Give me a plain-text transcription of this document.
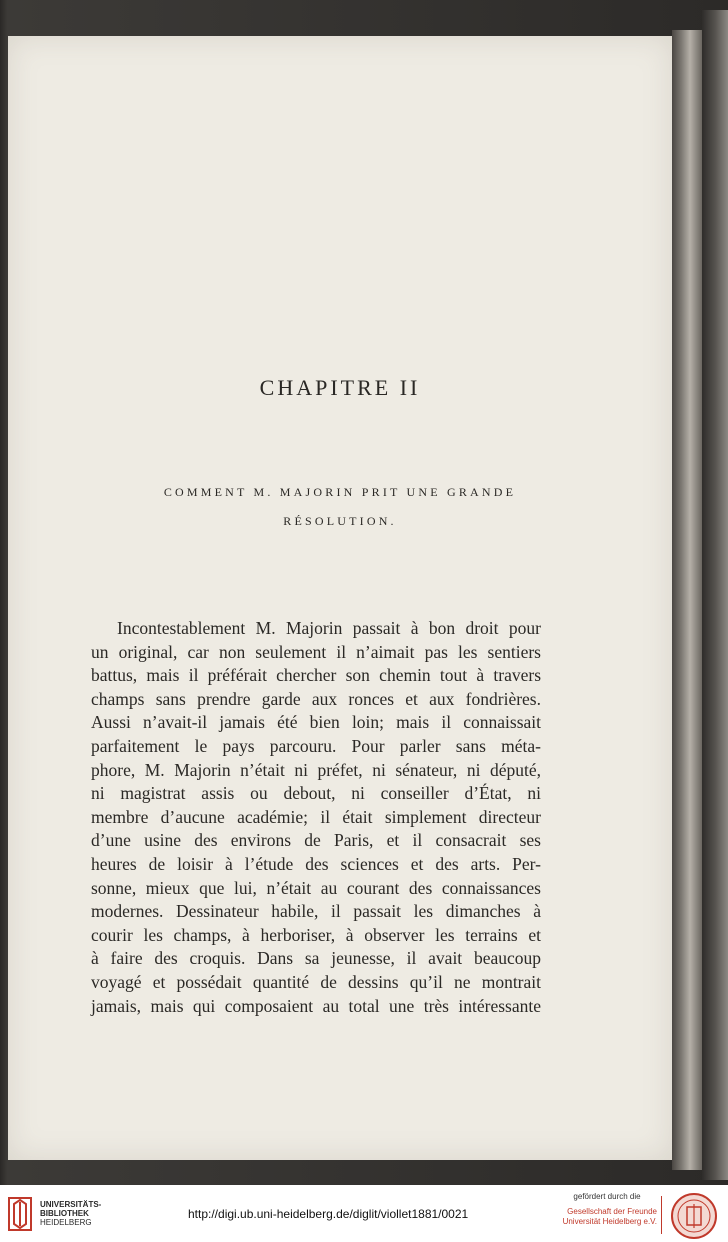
CHAPITRE II
COMMENT M. MAJORIN PRIT UNE GRANDE
RÉSOLUTION.
Incontestablement M. Majorin passait à bon droit pour
un original, car non seulement il n’aimait pas les sentiers
battus, mais il préférait chercher son chemin tout à travers
champs sans prendre garde aux ronces et aux fondrières.
Aussi n’avait-il jamais été bien loin; mais il connaissait
parfaitement le pays parcouru. Pour parler sans méta-
phore, M. Majorin n’était ni préfet, ni sénateur, ni député,
ni magistrat assis ou debout, ni conseiller d’État, ni
membre d’aucune académie; il était simplement directeur
d’une usine des environs de Paris, et il consacrait ses
heures de loisir à l’étude des sciences et des arts. Per-
sonne, mieux que lui, n’était au courant des connaissances
modernes. Dessinateur habile, il passait les dimanches à
courir les champs, à herboriser, à observer les terrains et
à faire des croquis. Dans sa jeunesse, il avait beaucoup
voyagé et possédait quantité de dessins qu’il ne montrait
jamais, mais qui composaient au total une très intéressante
UNIVERSITÄTS-
BIBLIOTHEK
HEIDELBERG
http://digi.ub.uni-heidelberg.de/diglit/viollet1881/0021
gefördert durch die
Gesellschaft der Freunde
Universität Heidelberg e.V.
